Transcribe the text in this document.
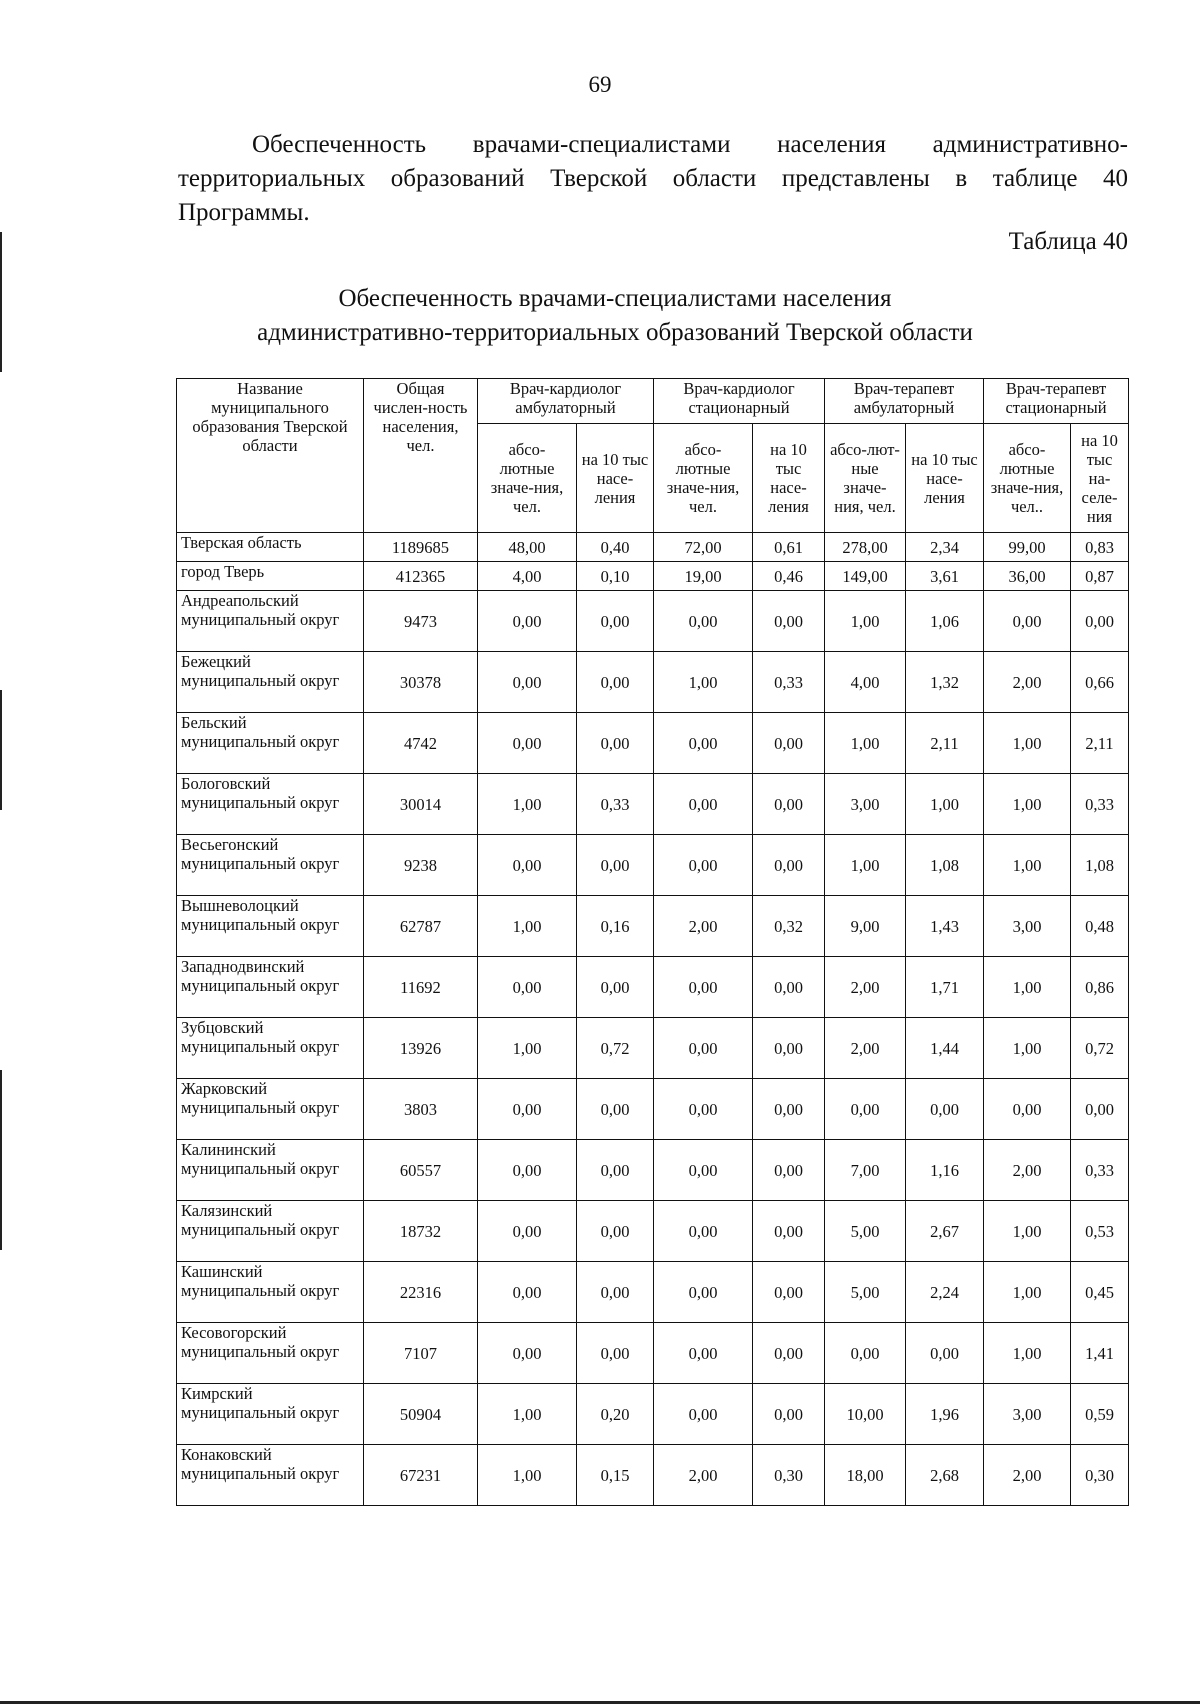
69

Обеспеченность врачами-специалистами населения административно-территориальных образований Тверской области представлены в таблице 40 Программы.

Таблица 40
Обеспеченность врачами-специалистами населения
административно-территориальных образований Тверской области
Название муниципального образования Тверской области	Общая числен-ность населения, чел.	Врач-кардиолог амбулаторный		Врач-кардиолог стационарный		Врач-терапевт амбулаторный		Врач-терапевт стационарный	
		абсо-лютные значе-ния, чел.	на 10 тыс насе-ления	абсо-лютные значе-ния, чел.	на 10 тыс насе-ления	абсо-лют-ные значе-ния, чел.	на 10 тыс насе-ления	абсо-лютные значе-ния, чел..	на 10 тыс на-селе-ния
Тверская область	1189685	48,00	0,40	72,00	0,61	278,00	2,34	99,00	0,83
город Тверь	412365	4,00	0,10	19,00	0,46	149,00	3,61	36,00	0,87
Андреапольский муниципальный округ	9473	0,00	0,00	0,00	0,00	1,00	1,06	0,00	0,00
Бежецкий муниципальный округ	30378	0,00	0,00	1,00	0,33	4,00	1,32	2,00	0,66
Бельский муниципальный округ	4742	0,00	0,00	0,00	0,00	1,00	2,11	1,00	2,11
Бологовский муниципальный округ	30014	1,00	0,33	0,00	0,00	3,00	1,00	1,00	0,33
Весьегонский муниципальный округ	9238	0,00	0,00	0,00	0,00	1,00	1,08	1,00	1,08
Вышневолоцкий муниципальный округ	62787	1,00	0,16	2,00	0,32	9,00	1,43	3,00	0,48
Западнодвинский муниципальный округ	11692	0,00	0,00	0,00	0,00	2,00	1,71	1,00	0,86
Зубцовский муниципальный округ	13926	1,00	0,72	0,00	0,00	2,00	1,44	1,00	0,72
Жарковский муниципальный округ	3803	0,00	0,00	0,00	0,00	0,00	0,00	0,00	0,00
Калининский муниципальный округ	60557	0,00	0,00	0,00	0,00	7,00	1,16	2,00	0,33
Калязинский муниципальный округ	18732	0,00	0,00	0,00	0,00	5,00	2,67	1,00	0,53
Кашинский муниципальный округ	22316	0,00	0,00	0,00	0,00	5,00	2,24	1,00	0,45
Кесовогорский муниципальный округ	7107	0,00	0,00	0,00	0,00	0,00	0,00	1,00	1,41
Кимрский муниципальный округ	50904	1,00	0,20	0,00	0,00	10,00	1,96	3,00	0,59
Конаковский муниципальный округ	67231	1,00	0,15	2,00	0,30	18,00	2,68	2,00	0,30
